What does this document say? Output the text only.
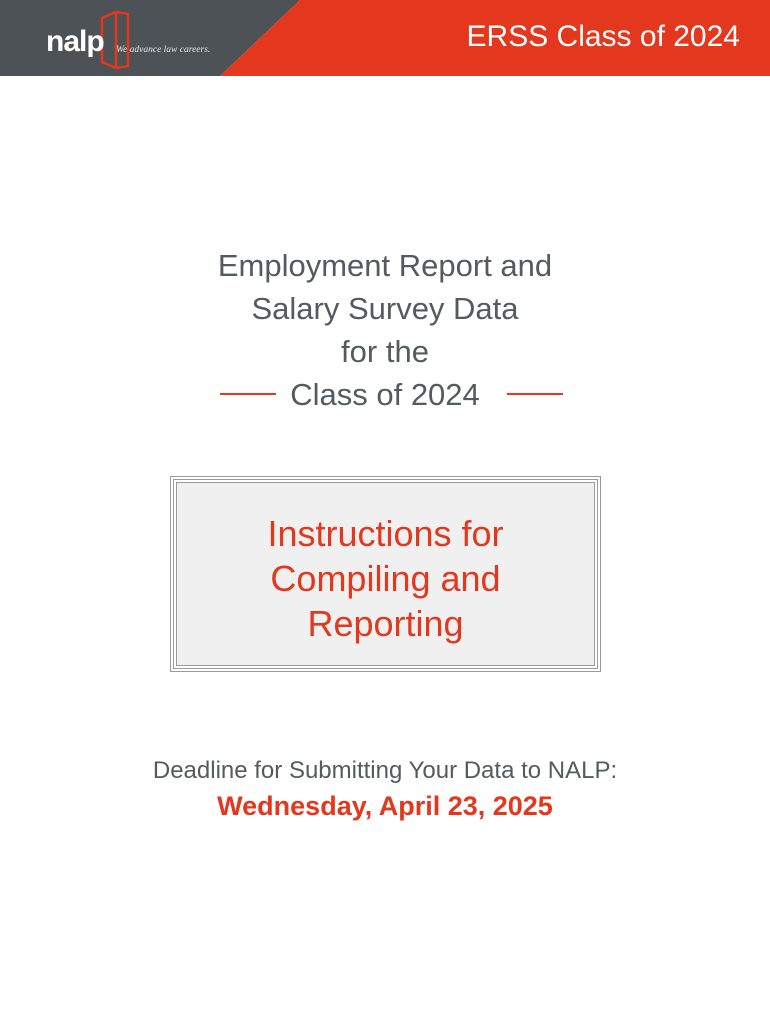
nalp We advance law careers.	ERSS Class of 2024
Employment Report and
Salary Survey Data
for the
Class of 2024
Instructions for
Compiling and
Reporting
Deadline for Submitting Your Data to NALP:
Wednesday, April 23, 2025
